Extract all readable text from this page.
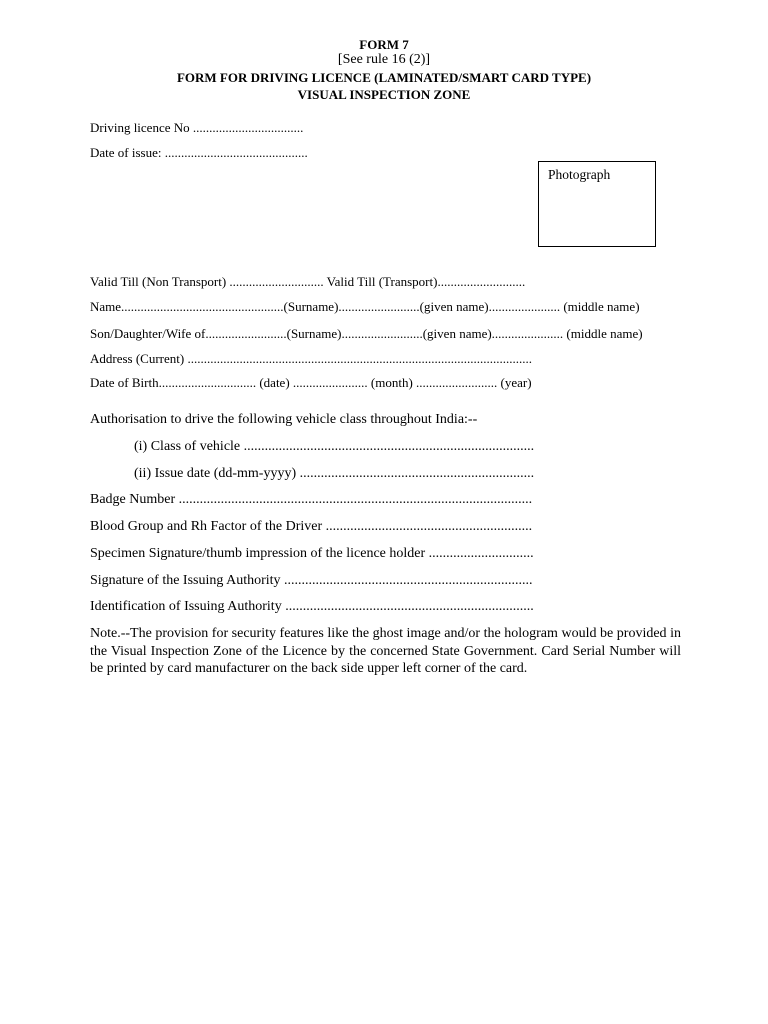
FORM 7
[See rule 16 (2)]
FORM FOR DRIVING LICENCE (LAMINATED/SMART CARD TYPE)
VISUAL INSPECTION ZONE
Driving licence No ..................................
Date of issue: ............................................
Photograph
Valid Till (Non Transport) ............................. Valid Till (Transport)...........................
Name..................................................(Surname).........................(given name)...................... (middle name)
Son/Daughter/Wife of.........................(Surname).........................(given name)...................... (middle name)
Address (Current) ..........................................................................................................
Date of Birth.............................. (date) ....................... (month) ......................... (year)
Authorisation to drive the following vehicle class throughout India:--
(i) Class of vehicle ...................................................................................
(ii) Issue date (dd-mm-yyyy) ...................................................................
Badge Number .....................................................................................................
Blood Group and Rh Factor of the Driver ...........................................................
Specimen Signature/thumb impression of the licence holder ..............................
Signature of the Issuing Authority .......................................................................
Identification of Issuing Authority .......................................................................
Note.--The provision for security features like the ghost image and/or the hologram would be provided in the Visual Inspection Zone of the Licence by the concerned State Government. Card Serial Number will be printed by card manufacturer on the back side upper left corner of the card.
